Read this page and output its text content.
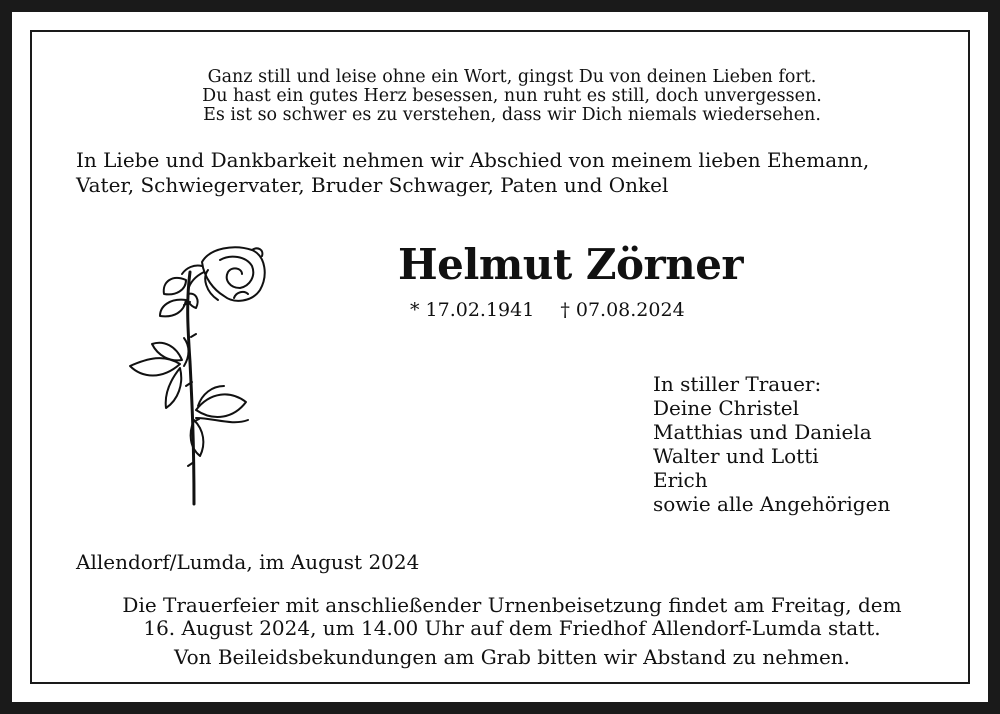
Ganz still und leise ohne ein Wort, gingst Du von deinen Lieben fort.
Du hast ein gutes Herz besessen, nun ruht es still, doch unvergessen.
Es ist so schwer es zu verstehen, dass wir Dich niemals wiedersehen.
In Liebe und Dankbarkeit nehmen wir Abschied von meinem lieben Ehemann,
Vater, Schwiegervater, Bruder Schwager, Paten und Onkel
Helmut Zörner
* 17.02.1941 † 07.08.2024
In stiller Trauer:
Deine Christel
Matthias und Daniela
Walter und Lotti
Erich
sowie alle Angehörigen
Allendorf/Lumda, im August 2024
Die Trauerfeier mit anschließender Urnenbeisetzung findet am Freitag, dem
16. August 2024, um 14.00 Uhr auf dem Friedhof Allendorf-Lumda statt.
Von Beileidsbekundungen am Grab bitten wir Abstand zu nehmen.
